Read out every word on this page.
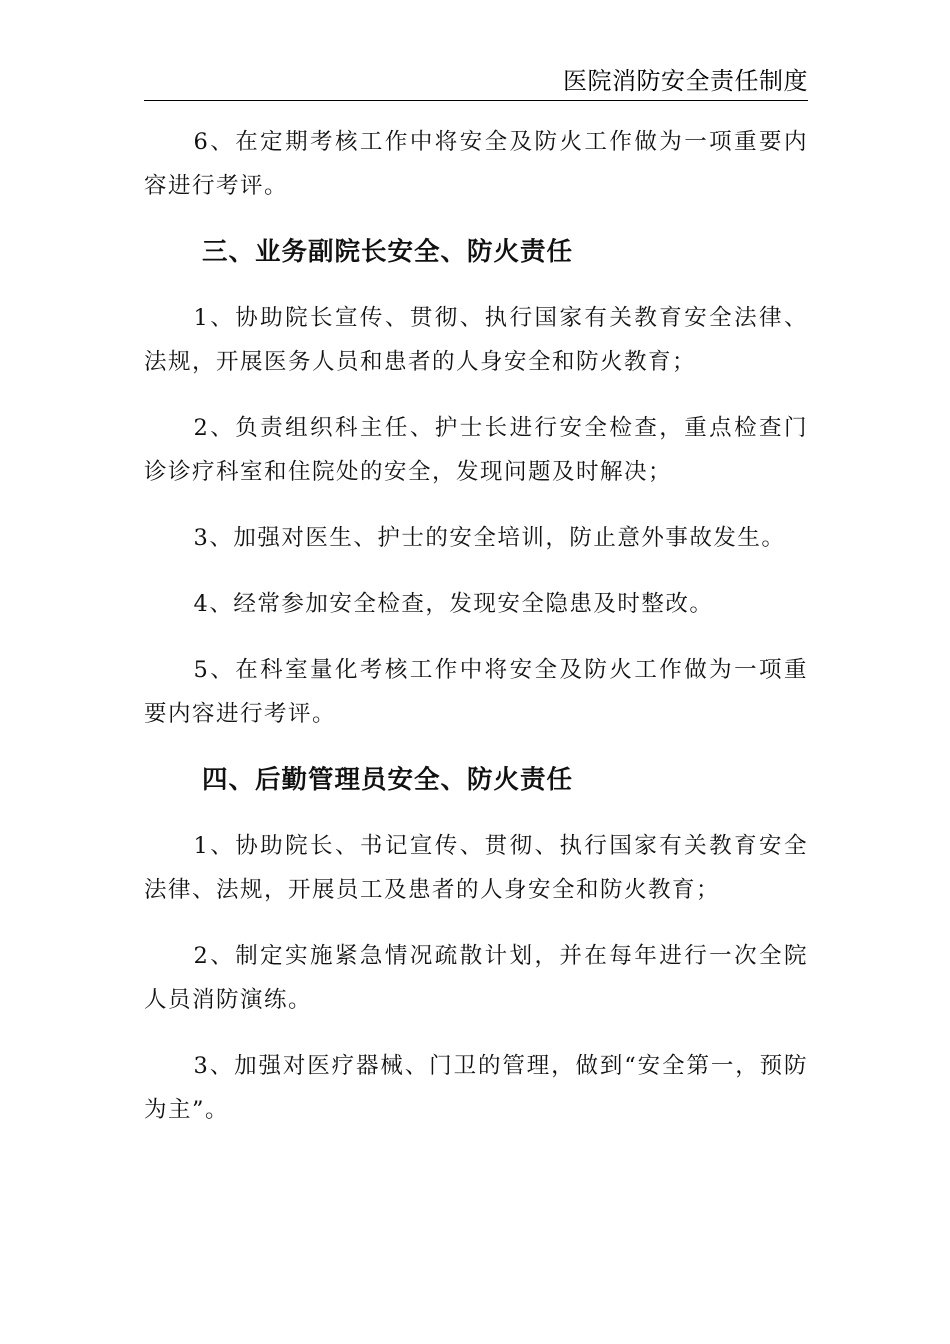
医院消防安全责任制度

6、在定期考核工作中将安全及防火工作做为一项重要内容进行考评。

三、业务副院长安全、防火责任

1、协助院长宣传、贯彻、执行国家有关教育安全法律、法规，开展医务人员和患者的人身安全和防火教育；

2、负责组织科主任、护士长进行安全检查，重点检查门诊诊疗科室和住院处的安全，发现问题及时解决；

3、加强对医生、护士的安全培训，防止意外事故发生。

4、经常参加安全检查，发现安全隐患及时整改。

5、在科室量化考核工作中将安全及防火工作做为一项重要内容进行考评。

四、后勤管理员安全、防火责任

1、协助院长、书记宣传、贯彻、执行国家有关教育安全法律、法规，开展员工及患者的人身安全和防火教育；

2、制定实施紧急情况疏散计划，并在每年进行一次全院人员消防演练。

3、加强对医疗器械、门卫的管理，做到“安全第一，预防为主”。
